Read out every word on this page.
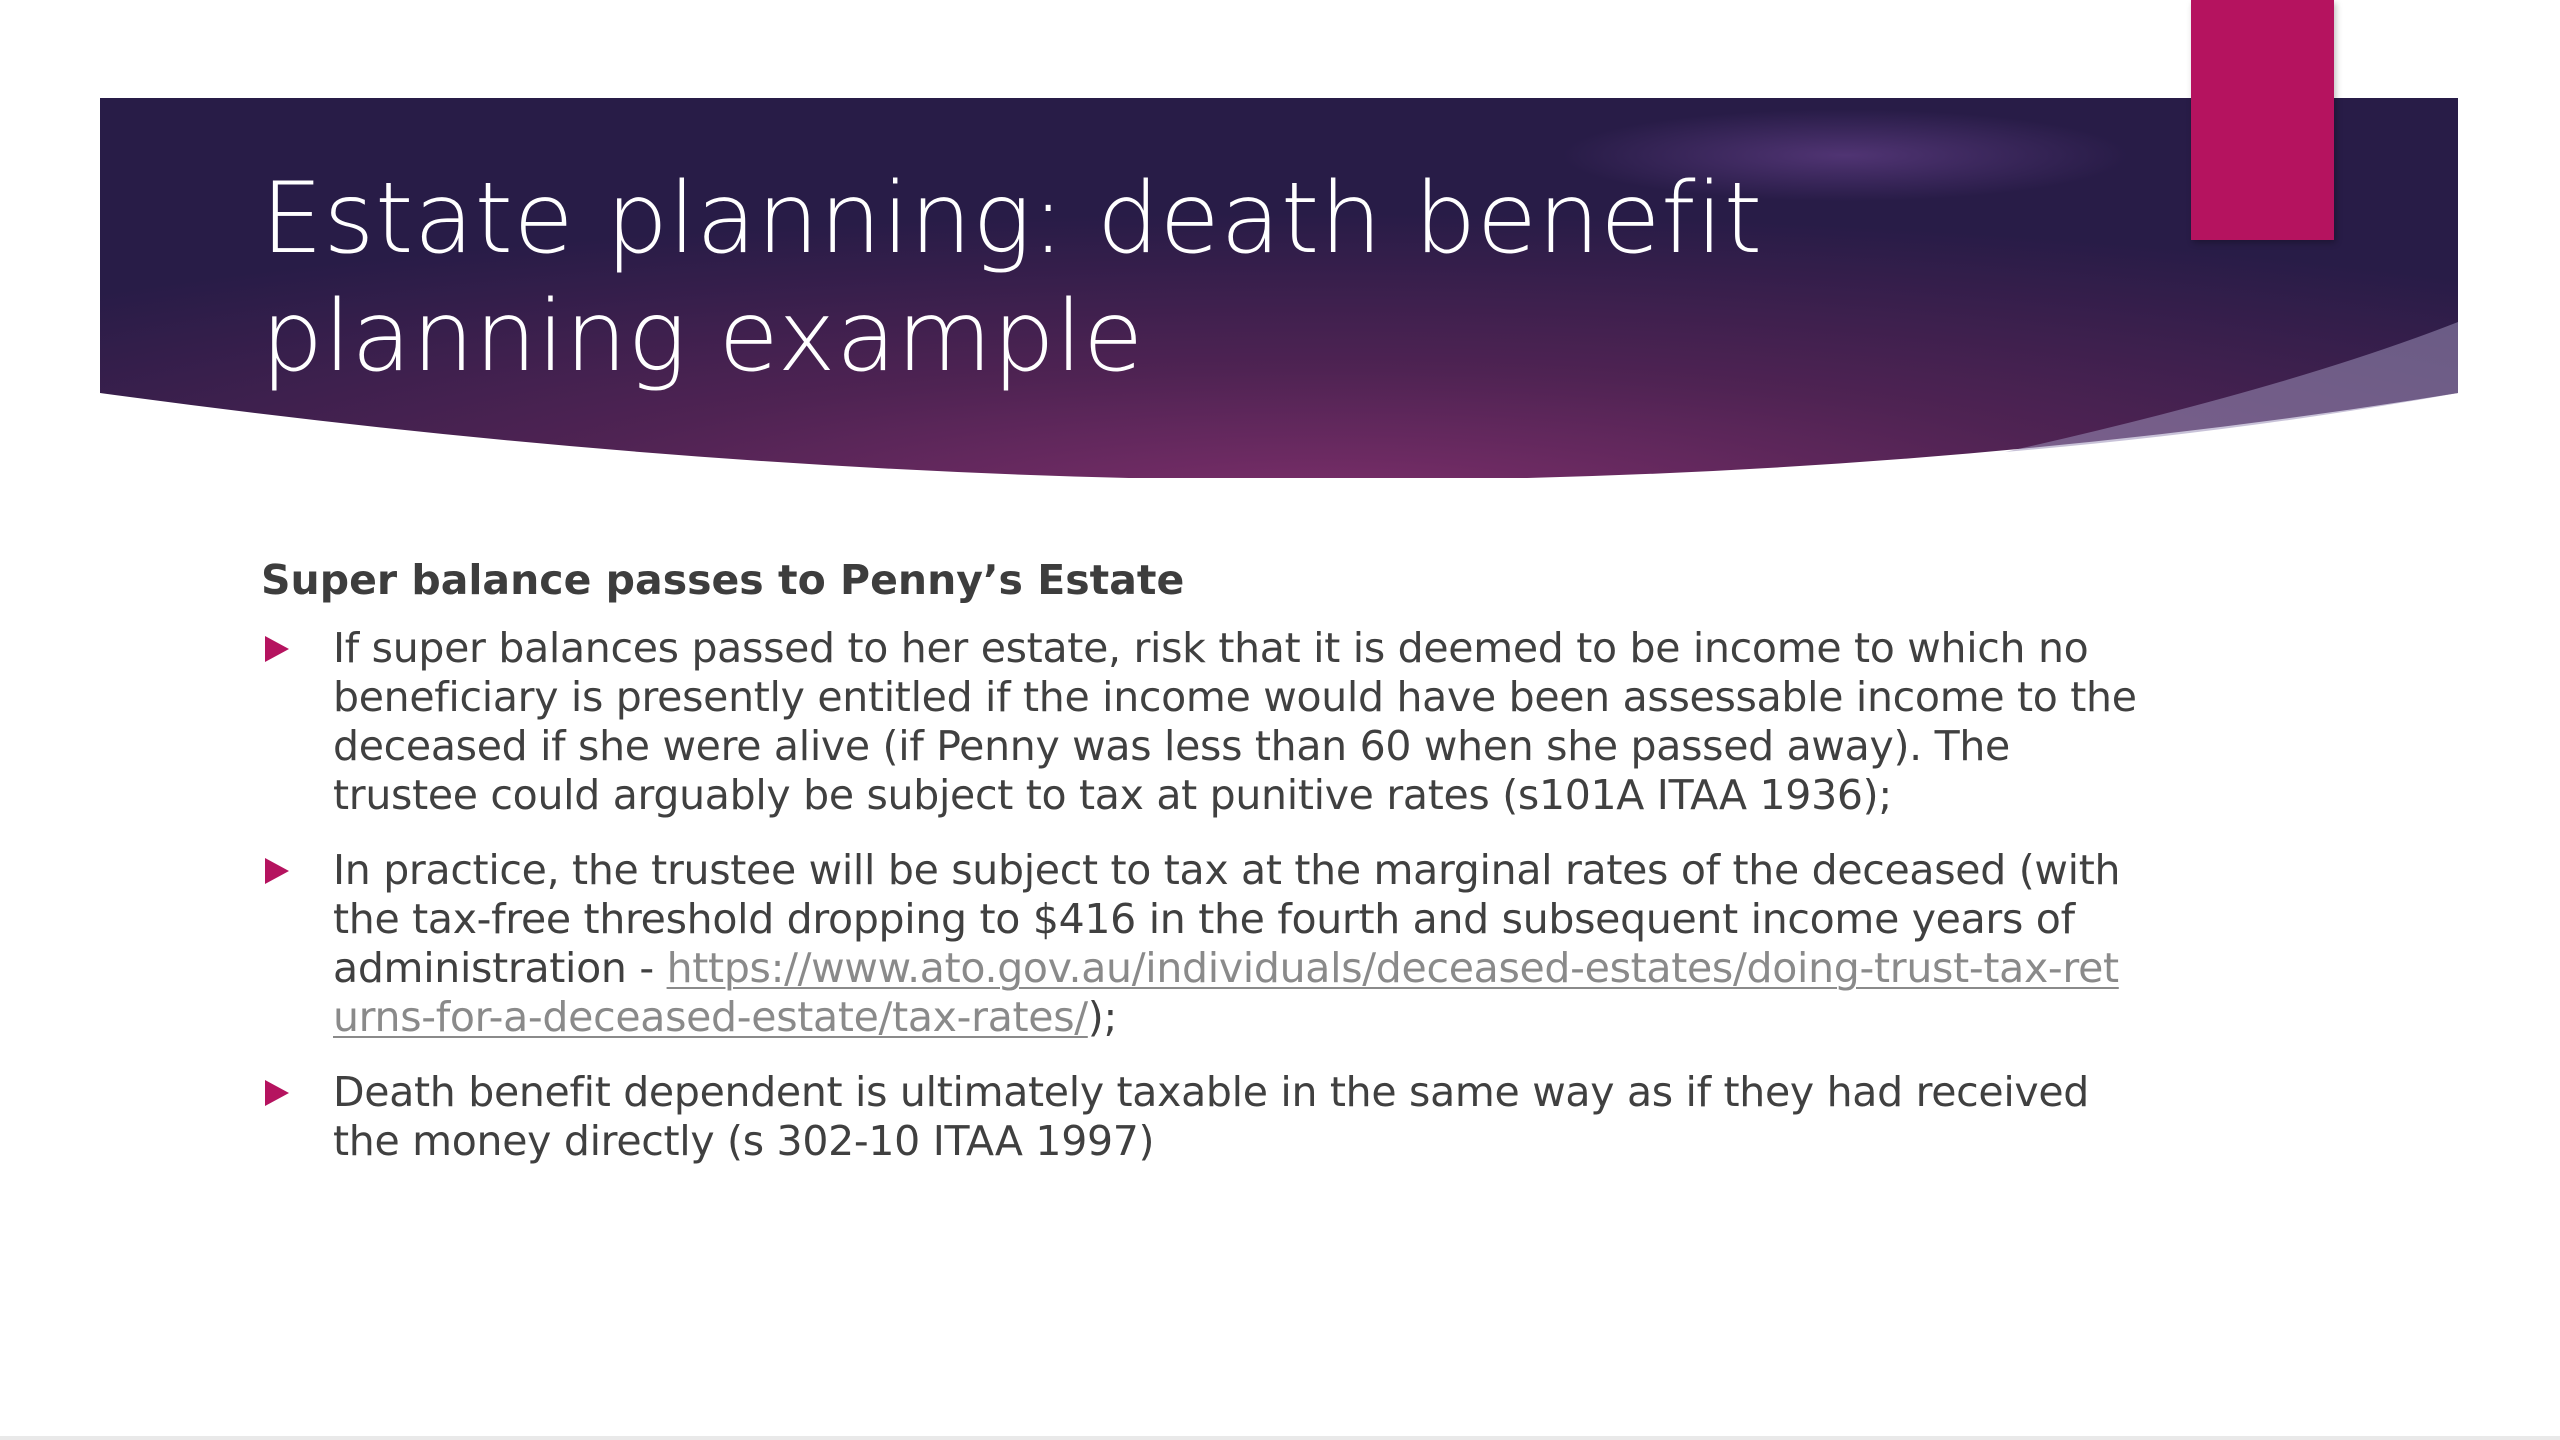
Estate planning: death benefit
planning example
Super balance passes to Penny’s Estate
If super balances passed to her estate, risk that it is deemed to be income to which no beneficiary is presently entitled if the income would have been assessable income to the deceased if she were alive (if Penny was less than 60 when she passed away). The trustee could arguably be subject to tax at punitive rates (s101A ITAA 1936);
In practice, the trustee will be subject to tax at the marginal rates of the deceased (with the tax-free threshold dropping to $416 in the fourth and subsequent income years of administration - https://www.ato.gov.au/individuals/deceased-estates/doing-trust-tax-returns-for-a-deceased-estate/tax-rates/);
Death benefit dependent is ultimately taxable in the same way as if they had received the money directly (s 302-10 ITAA 1997)
